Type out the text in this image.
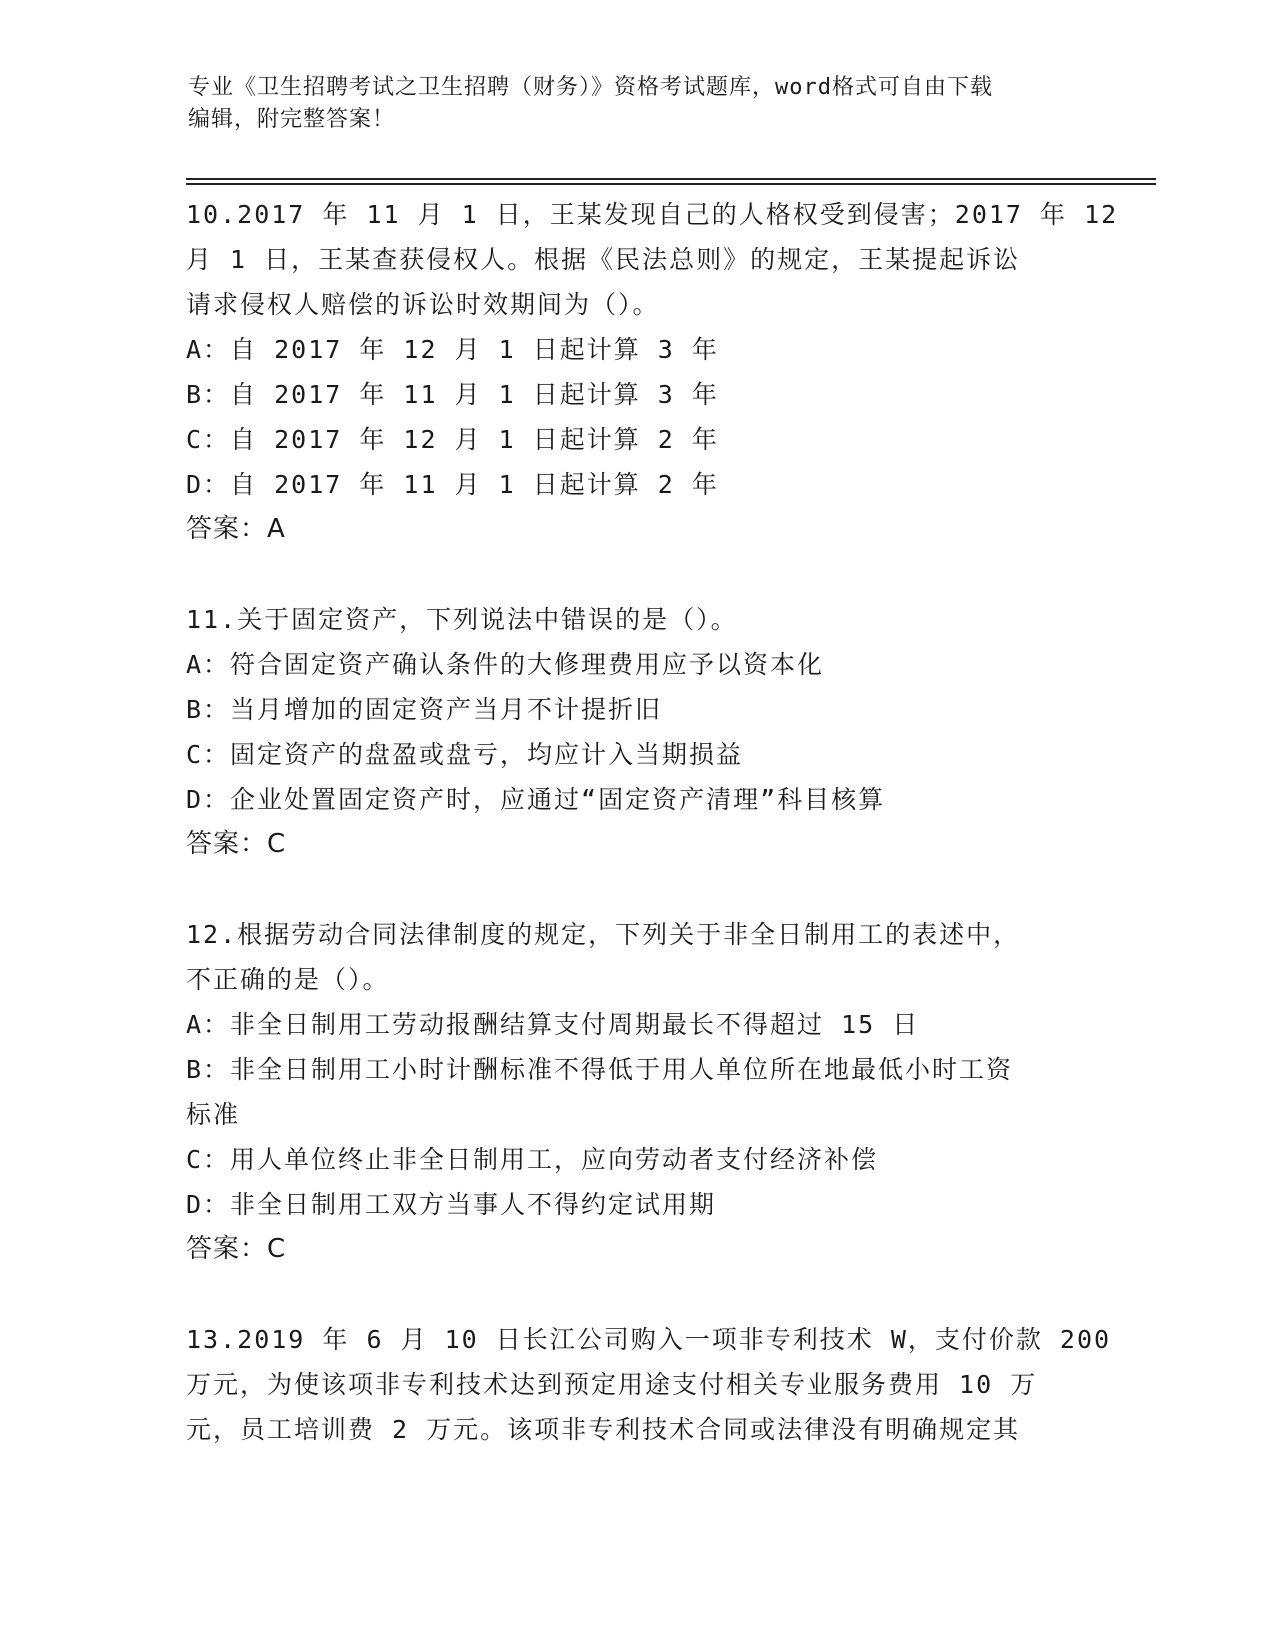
专业《卫生招聘考试之卫生招聘（财务）》资格考试题库，word格式可自由下载
编辑，附完整答案！
10.2017 年 11 月 1 日，王某发现自己的人格权受到侵害；2017 年 12
月 1 日，王某查获侵权人。根据《民法总则》的规定，王某提起诉讼
请求侵权人赔偿的诉讼时效期间为（）。
A：自 2017 年 12 月 1 日起计算 3 年
B：自 2017 年 11 月 1 日起计算 3 年
C：自 2017 年 12 月 1 日起计算 2 年
D：自 2017 年 11 月 1 日起计算 2 年
答案：A
11.关于固定资产，下列说法中错误的是（）。
A：符合固定资产确认条件的大修理费用应予以资本化
B：当月增加的固定资产当月不计提折旧
C：固定资产的盘盈或盘亏，均应计入当期损益
D：企业处置固定资产时，应通过“固定资产清理”科目核算
答案：C
12.根据劳动合同法律制度的规定，下列关于非全日制用工的表述中，
不正确的是（）。
A：非全日制用工劳动报酬结算支付周期最长不得超过 15 日
B：非全日制用工小时计酬标准不得低于用人单位所在地最低小时工资
标准
C：用人单位终止非全日制用工，应向劳动者支付经济补偿
D：非全日制用工双方当事人不得约定试用期
答案：C
13.2019 年 6 月 10 日长江公司购入一项非专利技术 W，支付价款 200
万元，为使该项非专利技术达到预定用途支付相关专业服务费用 10 万
元，员工培训费 2 万元。该项非专利技术合同或法律没有明确规定其
